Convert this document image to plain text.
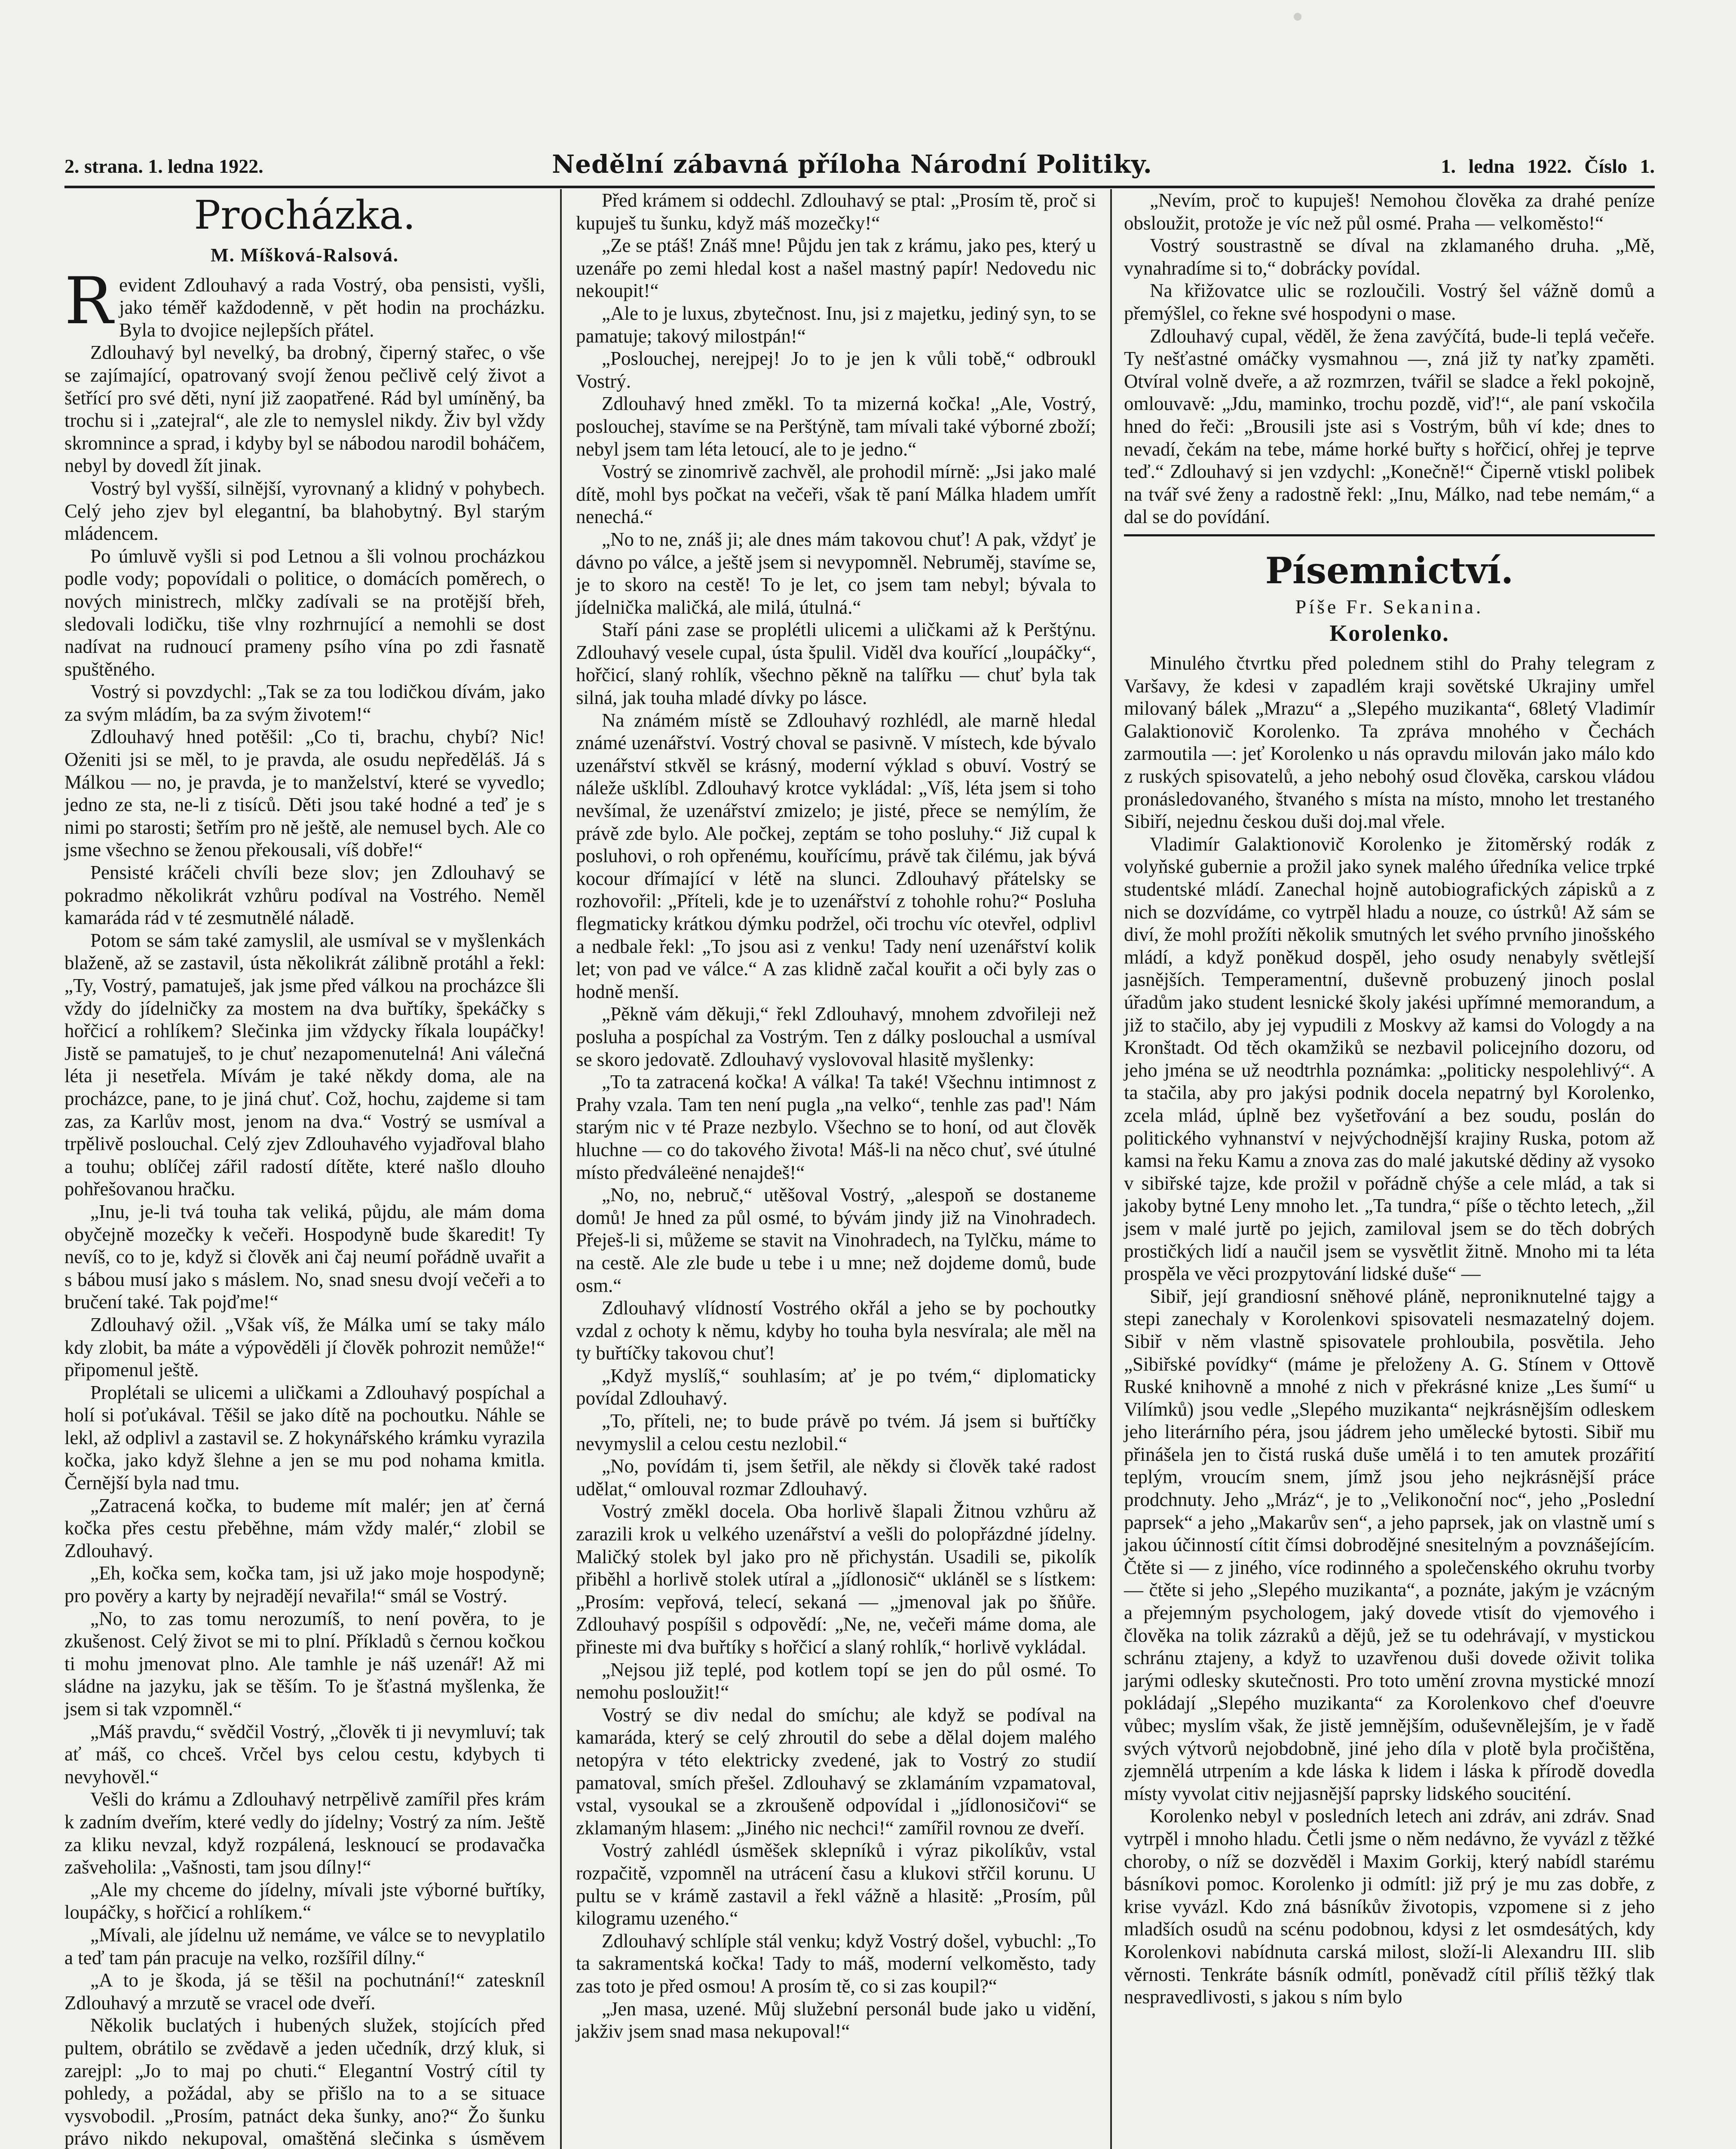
2. strana. 1. ledna 1922.	Nedělní zábavná příloha Národní Politiky.	1. ledna 1922. Číslo 1.
Procházka.
M. Míšková-Ralsová.

Revident Zdlouhavý a rada Vostrý, oba pensisti, vyšli, jako téměř každodenně, v pět hodin na procházku. Byla to dvojice nejlepších přátel.

Zdlouhavý byl nevelký, ba drobný, čiperný stařec, o vše se zajímající, opatrovaný svojí ženou pečlivě celý život a šetřící pro své děti, nyní již zaopatřené. Rád byl umíněný, ba trochu si i „zatejral“, ale zle to nemyslel nikdy. Živ byl vždy skromnince a sprad, i kdyby byl se nábodou narodil boháčem, nebyl by dovedl žít jinak.

Vostrý byl vyšší, silnější, vyrovnaný a klidný v pohybech. Celý jeho zjev byl elegantní, ba blahobytný. Byl starým mládencem.

Po úmluvě vyšli si pod Letnou a šli volnou procházkou podle vody; popovídali o politice, o domácích poměrech, o nových ministrech, mlčky zadívali se na protější břeh, sledovali lodičku, tiše vlny rozhrnující a nemohli se dost nadívat na rudnoucí prameny psího vína po zdi řasnatě spuštěného.

Vostrý si povzdychl: „Tak se za tou lodičkou dívám, jako za svým mládím, ba za svým životem!“

Zdlouhavý hned potěšil: „Co ti, brachu, chybí? Nic! Oženiti jsi se měl, to je pravda, ale osudu nepředěláš. Já s Málkou — no, je pravda, je to manželství, které se vyvedlo; jedno ze sta, ne-li z tisíců. Děti jsou také hodné a teď je s nimi po starosti; šetřím pro ně ještě, ale nemusel bych. Ale co jsme všechno se ženou překousali, víš dobře!“

Pensisté kráčeli chvíli beze slov; jen Zdlouhavý se pokradmo několikrát vzhůru podíval na Vostrého. Neměl kamaráda rád v té zesmutnělé náladě.

Potom se sám také zamyslil, ale usmíval se v myšlenkách blaženě, až se zastavil, ústa několikrát zálibně protáhl a řekl: „Ty, Vostrý, pamatuješ, jak jsme před válkou na procházce šli vždy do jídelničky za mostem na dva buřtíky, špekáčky s hořčicí a rohlíkem? Slečinka jim vždycky říkala loupáčky! Jistě se pamatuješ, to je chuť nezapomenutelná! Ani válečná léta ji nesetřela. Mívám je také někdy doma, ale na procházce, pane, to je jiná chuť. Což, hochu, zajdeme si tam zas, za Karlův most, jenom na dva.“ Vostrý se usmíval a trpělivě poslouchal. Celý zjev Zdlouhavého vyjadřoval blaho a touhu; oblíčej zářil radostí dítěte, které našlo dlouho pohřešovanou hračku.

„Inu, je-li tvá touha tak veliká, půjdu, ale mám doma obyčejně mozečky k večeři. Hospodyně bude škaredit! Ty nevíš, co to je, když si člověk ani čaj neumí pořádně uvařit a s bábou musí jako s máslem. No, snad snesu dvojí večeři a to bručení také. Tak pojďme!“

Zdlouhavý ožil. „Však víš, že Málka umí se taky málo kdy zlobit, ba máte a výpověděli jí člověk pohrozit nemůže!“ připomenul ještě.

Proplétali se ulicemi a uličkami a Zdlouhavý pospíchal a holí si poťukával. Těšil se jako dítě na pochoutku. Náhle se lekl, až odplivl a zastavil se. Z hokynářského krámku vyrazila kočka, jako když šlehne a jen se mu pod nohama kmitla. Černější byla nad tmu.

„Zatracená kočka, to budeme mít malér; jen ať černá kočka přes cestu přeběhne, mám vždy malér,“ zlobil se Zdlouhavý.

„Eh, kočka sem, kočka tam, jsi už jako moje hospodyně; pro pověry a karty by nejradějí nevařila!“ smál se Vostrý.

„No, to zas tomu nerozumíš, to není pověra, to je zkušenost. Celý život se mi to plní. Příkladů s černou kočkou ti mohu jmenovat plno. Ale tamhle je náš uzenář! Až mi sládne na jazyku, jak se těším. To je šťastná myšlenka, že jsem si tak vzpomněl.“

„Máš pravdu,“ svědčil Vostrý, „člověk ti ji nevymluví; tak ať máš, co chceš. Vrčel bys celou cestu, kdybych ti nevyhověl.“

Vešli do krámu a Zdlouhavý netrpělivě zamířil přes krám k zadním dveřím, které vedly do jídelny; Vostrý za ním. Ještě za kliku nevzal, když rozpálená, lesknoucí se prodavačka zašveholila: „Vašnosti, tam jsou dílny!“

„Ale my chceme do jídelny, mívali jste výborné buřtíky, loupáčky, s hořčicí a rohlíkem.“

„Mívali, ale jídelnu už nemáme, ve válce se to nevyplatilo a teď tam pán pracuje na velko, rozšířil dílny.“

„A to je škoda, já se těšil na pochutnání!“ zateskníl Zdlouhavý a mrzutě se vracel ode dveří.

Několik buclatých i hubených služek, stojících před pultem, obrátilo se zvědavě a jeden učedník, drzý kluk, si zarejpl: „Jo to maj po chuti.“ Elegantní Vostrý cítil ty pohledy, a požádal, aby se přišlo na to a se situace vysvobodil. „Prosím, patnáct deka šunky, ano?“ Žo šunku právo nikdo nekupoval, omaštěná slečinka s úsměvem

Před krámem si oddechl. Zdlouhavý se ptal: „Prosím tě, proč si kupuješ tu šunku, když máš mozečky!“

„Ze se ptáš! Znáš mne! Půjdu jen tak z krámu, jako pes, který u uzenáře po zemi hledal kost a našel mastný papír! Nedovedu nic nekoupit!“

„Ale to je luxus, zbytečnost. Inu, jsi z majetku, jediný syn, to se pamatuje; takový milostpán!“

„Poslouchej, nerejpej! Jo to je jen k vůli tobě,“ odbroukl Vostrý.

Zdlouhavý hned změkl. To ta mizerná kočka! „Ale, Vostrý, poslouchej, stavíme se na Perštýně, tam mívali také výborné zboží; nebyl jsem tam léta letoucí, ale to je jedno.“

Vostrý se zinomrivě zachvěl, ale prohodil mírně: „Jsi jako malé dítě, mohl bys počkat na večeři, však tě paní Málka hladem umřít nenechá.“

„No to ne, znáš ji; ale dnes mám takovou chuť! A pak, vždyť je dávno po válce, a ještě jsem si nevypomněl. Nebruměj, stavíme se, je to skoro na cestě! To je let, co jsem tam nebyl; bývala to jídelnička maličká, ale milá, útulná.“

Staří páni zase se proplétli ulicemi a uličkami až k Perštýnu. Zdlouhavý vesele cupal, ústa špulil. Viděl dva kouřící „loupáčky“, hořčicí, slaný rohlík, všechno pěkně na talířku — chuť byla tak silná, jak touha mladé dívky po lásce.

Na známém místě se Zdlouhavý rozhlédl, ale marně hledal známé uzenářství. Vostrý choval se pasivně. V místech, kde bývalo uzenářství stkvěl se krásný, moderní výklad s obuví. Vostrý se náleže ušklíbl. Zdlouhavý krotce vykládal: „Víš, léta jsem si toho nevšímal, že uzenářství zmizelo; je jisté, přece se nemýlím, že právě zde bylo. Ale počkej, zeptám se toho posluhy.“ Již cupal k posluhovi, o roh opřenému, kouřícímu, právě tak čilému, jak bývá kocour dřímající v létě na slunci. Zdlouhavý přátelsky se rozhovořil: „Příteli, kde je to uzenářství z tohohle rohu?“ Posluha flegmaticky krátkou dýmku podržel, oči trochu víc otevřel, odplivl a nedbale řekl: „To jsou asi z venku! Tady není uzenářství kolik let; von pad ve válce.“ A zas klidně začal kouřit a oči byly zas o hodně menší.

„Pěkně vám děkuji,“ řekl Zdlouhavý, mnohem zdvořileji než posluha a pospíchal za Vostrým. Ten z dálky poslouchal a usmíval se skoro jedovatě. Zdlouhavý vyslovoval hlasitě myšlenky:

„To ta zatracená kočka! A válka! Ta také! Všechnu intimnost z Prahy vzala. Tam ten není pugla „na velko“, tenhle zas pad'! Nám starým nic v té Praze nezbylo. Všechno se to honí, od aut člověk hluchne — co do takového života! Máš-li na něco chuť, své útulné místo předváleëné nenajdeš!“

„No, no, nebruč,“ utěšoval Vostrý, „alespoň se dostaneme domů! Je hned za půl osmé, to bývám jindy již na Vinohradech. Přeješ-li si, můžeme se stavit na Vinohradech, na Tylčku, máme to na cestě. Ale zle bude u tebe i u mne; než dojdeme domů, bude osm.“

Zdlouhavý vlídností Vostrého okřál a jeho se by pochoutky vzdal z ochoty k němu, kdyby ho touha byla nesvírala; ale měl na ty buřtíčky takovou chuť!

„Když myslíš,“ souhlasím; ať je po tvém,“ diplomaticky povídal Zdlouhavý.

„To, příteli, ne; to bude právě po tvém. Já jsem si buřtíčky nevymyslil a celou cestu nezlobil.“

„No, povídám ti, jsem šetřil, ale někdy si člověk také radost udělat,“ omlouval rozmar Zdlouhavý.

Vostrý změkl docela. Oba horlivě šlapali Žitnou vzhůru až zarazili krok u velkého uzenářství a vešli do polopřázdné jídelny. Maličký stolek byl jako pro ně přichystán. Usadili se, pikolík přiběhl a horlivě stolek utíral a „jídlonosič“ ukláněl se s lístkem: „Prosím: vepřová, telecí, sekaná — „jmenoval jak po šňůře. Zdlouhavý pospíšil s odpovědí: „Ne, ne, večeři máme doma, ale přineste mi dva buřtíky s hořčicí a slaný rohlík,“ horlivě vykládal.

„Nejsou již teplé, pod kotlem topí se jen do půl osmé. To nemohu posloužit!“

Vostrý se div nedal do smíchu; ale když se podíval na kamaráda, který se celý zhroutil do sebe a dělal dojem malého netopýra v této elektricky zvedené, jak to Vostrý zo studií pamatoval, smích přešel. Zdlouhavý se zklamáním vzpamatoval, vstal, vysoukal se a zkroušeně odpovídal i „jídlonosičovi“ se zklamaným hlasem: „Jiného nic nechci!“ zamířil rovnou ze dveří.

Vostrý zahlédl úsměšek sklepníků i výraz pikolíkův, vstal rozpačitě, vzpomněl na utrácení času a klukovi střčil korunu. U pultu se v krámě zastavil a řekl vážně a hlasitě: „Prosím, půl kilogramu uzeného.“

Zdlouhavý schlíple stál venku; když Vostrý došel, vybuchl: „To ta sakramentská kočka! Tady to máš, moderní velkoměsto, tady zas toto je před osmou! A prosím tě, co si zas koupil?“

„Jen masa, uzené. Můj služební personál bude jako u vidění, jakživ jsem snad masa nekupoval!“

„Nevím, proč to kupuješ! Nemohou člověka za drahé peníze obsloužit, protože je víc než půl osmé. Praha — velkoměsto!“

Vostrý soustrastně se díval na zklamaného druha. „Mě, vynahradíme si to,“ dobrácky povídal.

Na křižovatce ulic se rozloučili. Vostrý šel vážně domů a přemýšlel, co řekne své hospodyni o mase.

Zdlouhavý cupal, věděl, že žena zavýčítá, bude-li teplá večeře. Ty nešťastné omáčky vysmahnou —, zná již ty naťky zpaměti. Otvíral volně dveře, a až rozmrzen, tvářil se sladce a řekl pokojně, omlouvavě: „Jdu, maminko, trochu pozdě, viď!“, ale paní vskočila hned do řeči: „Brousili jste asi s Vostrým, bůh ví kde; dnes to nevadí, čekám na tebe, máme horké buřty s hořčicí, ohřej je teprve teď.“ Zdlouhavý si jen vzdychl: „Konečně!“ Čiperně vtiskl polibek na tvář své ženy a radostně řekl: „Inu, Málko, nad tebe nemám,“ a dal se do povídání.

Písemnictví.
Píše Fr. Sekanina.
Korolenko.

Minulého čtvrtku před polednem stihl do Prahy telegram z Varšavy, že kdesi v zapadlém kraji sovětské Ukrajiny umřel milovaný bálek „Mrazu“ a „Slepého muzikanta“, 68letý Vladimír Galaktionovič Korolenko. Ta zpráva mnohého v Čechách zarmoutila —: jeť Korolenko u nás opravdu milován jako málo kdo z ruských spisovatelů, a jeho nebohý osud člověka, carskou vládou pronásledovaného, štvaného s místa na místo, mnoho let trestaného Sibiří, nejednu českou duši doj.mal vřele.

Vladimír Galaktionovič Korolenko je žitoměrský rodák z volyňské gubernie a prožil jako synek malého úředníka velice trpké studentské mládí. Zanechal hojně autobiografických zápisků a z nich se dozvídáme, co vytrpěl hladu a nouze, co ústrků! Až sám se diví, že mohl prožíti několik smutných let svého prvního jinošského mládí, a když poněkud dospěl, jeho osudy nenabyly světlejší jasnějších. Temperamentní, duševně probuzený jinoch poslal úřadům jako student lesnické školy jakési upřímné memorandum, a již to stačilo, aby jej vypudili z Moskvy až kamsi do Vologdy a na Kronštadt. Od těch okamžiků se nezbavil policejního dozoru, od jeho jména se už neodtrhla poznámka: „politicky nespolehlivý“. A ta stačila, aby pro jakýsi podnik docela nepatrný byl Korolenko, zcela mlád, úplně bez vyšetřování a bez soudu, poslán do politického vyhnanství v nejvýchodnější krajiny Ruska, potom až kamsi na řeku Kamu a znova zas do malé jakutské dědiny až vysoko v sibiřské tajze, kde prožil v pořádně chýše a cele mlád, a tak si jakoby bytné Leny mnoho let. „Ta tundra,“ píše o těchto letech, „žil jsem v malé jurtě po jejich, zamiloval jsem se do těch dobrých prostičkých lidí a naučil jsem se vysvětlit žitně. Mnoho mi ta léta prospěla ve věci prozpytování lidské duše“ —

Sibiř, její grandiosní sněhové pláně, neproniknutelné tajgy a stepi zanechaly v Korolenkovi spisovateli nesmazatelný dojem. Sibiř v něm vlastně spisovatele prohloubila, posvětila. Jeho „Sibiřské povídky“ (máme je přeloženy A. G. Stínem v Ottově Ruské knihovně a mnohé z nich v překrásné knize „Les šumí“ u Vilímků) jsou vedle „Slepého muzikanta“ nejkrásnějším odleskem jeho literárního péra, jsou jádrem jeho umělecké bytosti. Sibiř mu přinášela jen to čistá ruská duše umělá i to ten amutek prozářití teplým, vroucím snem, jímž jsou jeho nejkrásnější práce prodchnuty. Jeho „Mráz“, je to „Velikonoční noc“, jeho „Poslední paprsek“ a jeho „Makarův sen“, a jeho paprsek, jak on vlastně umí s jakou účinností cítit čímsi dobrodějné snesitelným a povznášejícím. Čtěte si — z jiného, více rodinného a společenského okruhu tvorby — čtěte si jeho „Slepého muzikanta“, a poznáte, jakým je vzácným a přejemným psychologem, jaký dovede vtisít do vjemového i člověka na tolik zázraků a dějů, jež se tu odehrávají, v mystickou schránu ztajeny, a když to uzavřenou duši dovede oživit tolika jarými odlesky skutečnosti. Pro toto umění zrovna mystické mnozí pokládají „Slepého muzikanta“ za Korolenkovo chef d'oeuvre vůbec; myslím však, že jistě jemnějším, oduševnělejším, je v řadě svých výtvorů nejobdobně, jiné jeho díla v plotě byla pročištěna, zjemnělá utrpením a kde láska k lidem i láska k přírodě dovedla místy vyvolat citiv nejjasnější paprsky lidského souciténí.

Korolenko nebyl v posledních letech ani zdráv, ani zdráv. Snad vytrpěl i mnoho hladu. Četli jsme o něm nedávno, že vyvázl z těžké choroby, o níž se dozvěděl i Maxim Gorkij, který nabídl starému básníkovi pomoc. Korolenko ji odmítl: již prý je mu zas dobře, z krise vyvázl. Kdo zná básníkův životopis, vzpomene si z jeho mladších osudů na scénu podobnou, kdysi z let osmdesátých, kdy Korolenkovi nabídnuta carská milost, složí-li Alexandru III. slib věrnosti. Tenkráte básník odmítl, poněvadž cítil příliš těžký tlak nespravedlivosti, s jakou s ním bylo
